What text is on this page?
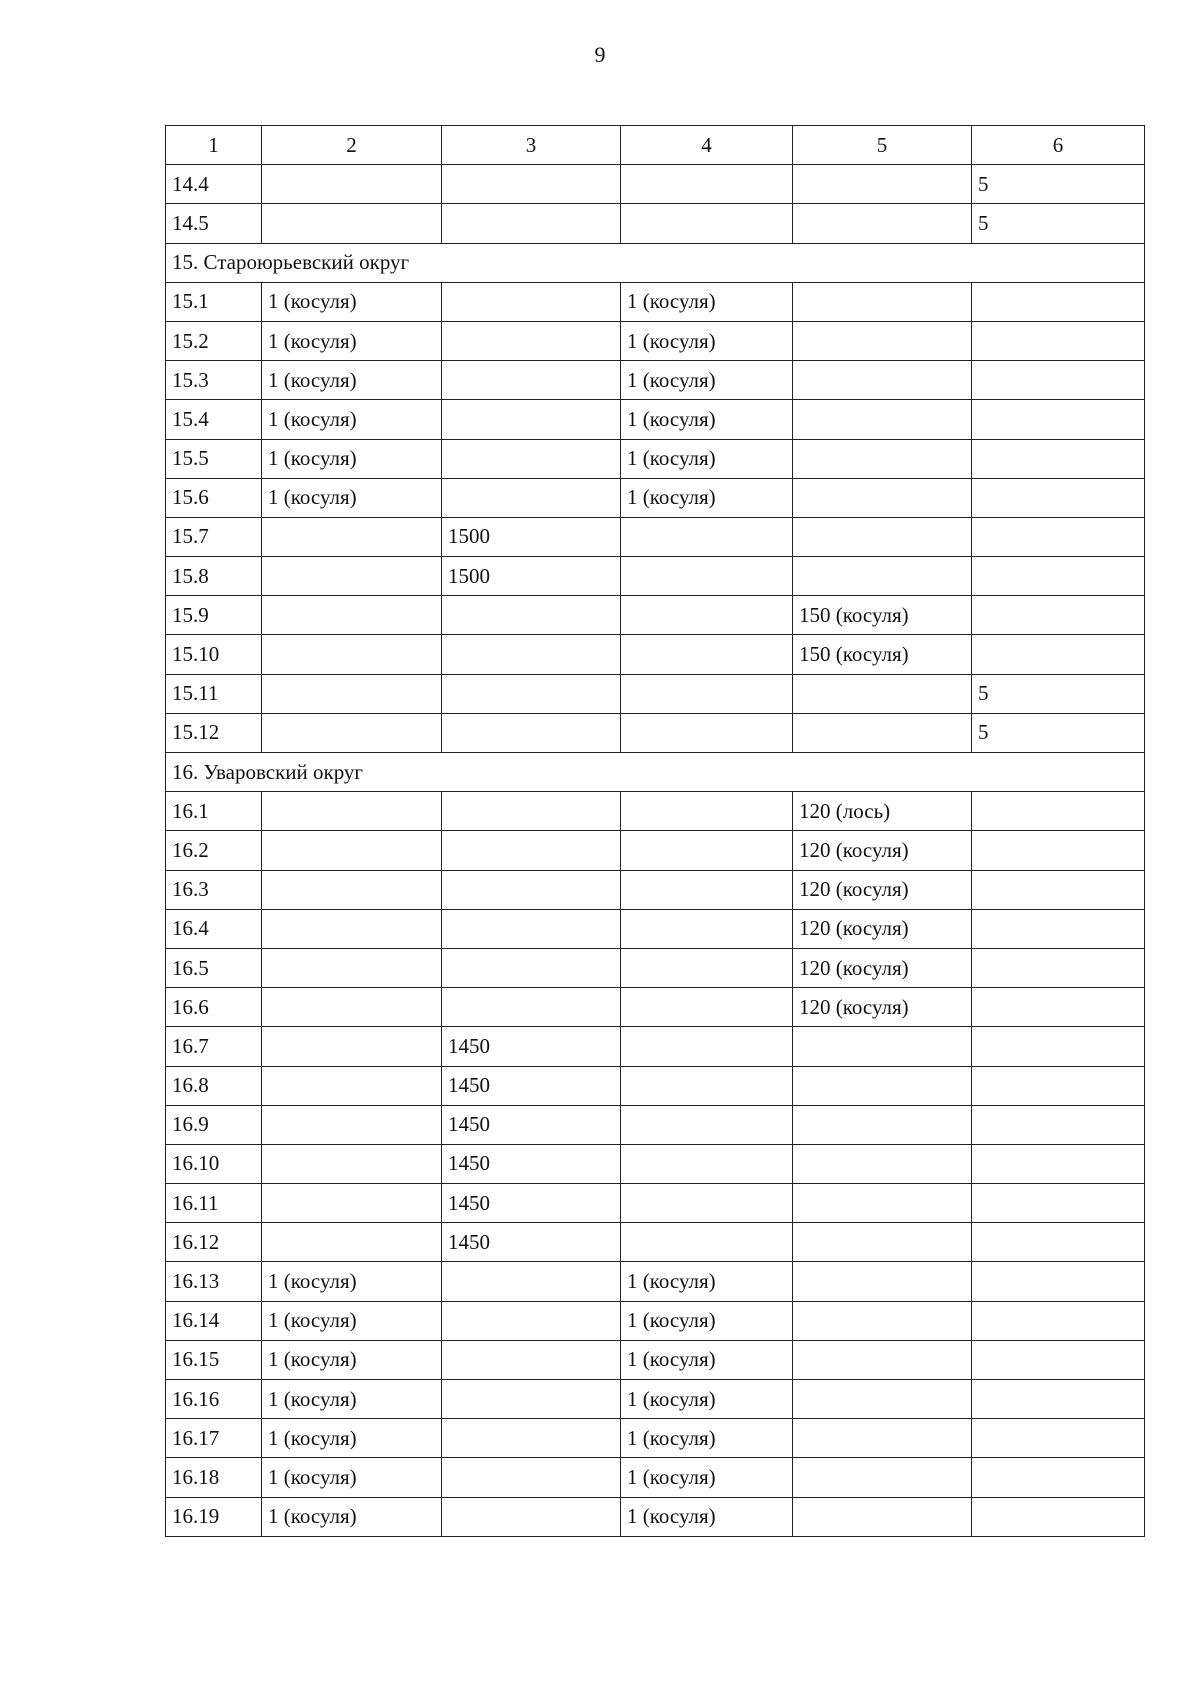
9
1	2	3	4	5	6
14.4					5
14.5					5
15. Староюрьевский округ					
15.1	1 (косуля)		1 (косуля)		
15.2	1 (косуля)		1 (косуля)		
15.3	1 (косуля)		1 (косуля)		
15.4	1 (косуля)		1 (косуля)		
15.5	1 (косуля)		1 (косуля)		
15.6	1 (косуля)		1 (косуля)		
15.7		1500			
15.8		1500			
15.9				150 (косуля)	
15.10				150 (косуля)	
15.11					5
15.12					5
16. Уваровский округ					
16.1				120 (лось)	
16.2				120 (косуля)	
16.3				120 (косуля)	
16.4				120 (косуля)	
16.5				120 (косуля)	
16.6				120 (косуля)	
16.7		1450			
16.8		1450			
16.9		1450			
16.10		1450			
16.11		1450			
16.12		1450			
16.13	1 (косуля)		1 (косуля)		
16.14	1 (косуля)		1 (косуля)		
16.15	1 (косуля)		1 (косуля)		
16.16	1 (косуля)		1 (косуля)		
16.17	1 (косуля)		1 (косуля)		
16.18	1 (косуля)		1 (косуля)		
16.19	1 (косуля)		1 (косуля)		
